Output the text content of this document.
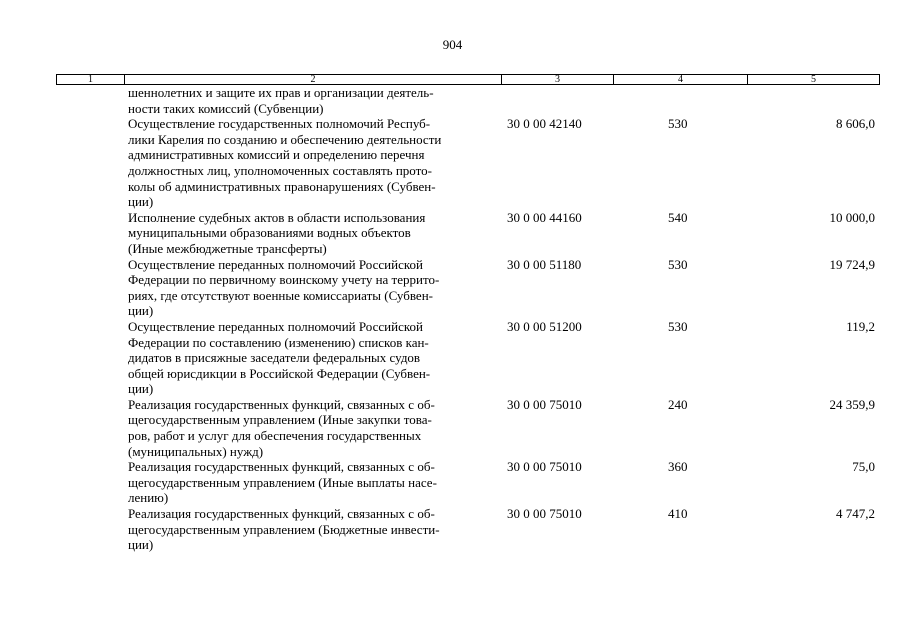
904
1	2	3	4	5
шеннолетних и защите их прав и организации деятель-
ности таких комиссий (Субвенции)
Осуществление государственных полномочий Респуб-
лики Карелия по созданию и обеспечению деятельности
административных комиссий и определению перечня
должностных лиц, уполномоченных составлять прото-
колы об административных правонарушениях (Субвен-
ции)
30 0 00 42140	530	8 606,0
Исполнение судебных актов в области использования
муниципальными образованиями водных объектов
(Иные межбюджетные трансферты)
30 0 00 44160	540	10 000,0
Осуществление переданных полномочий Российской
Федерации по первичному воинскому учету на террито-
риях, где отсутствуют военные комиссариаты (Субвен-
ции)
30 0 00 51180	530	19 724,9
Осуществление переданных полномочий Российской
Федерации по составлению (изменению) списков кан-
дидатов в присяжные заседатели федеральных судов
общей юрисдикции в Российской Федерации (Субвен-
ции)
30 0 00 51200	530	119,2
Реализация государственных функций, связанных с об-
щегосударственным управлением (Иные закупки това-
ров, работ и услуг для обеспечения государственных
(муниципальных) нужд)
30 0 00 75010	240	24 359,9
Реализация государственных функций, связанных с об-
щегосударственным управлением (Иные выплаты насе-
лению)
30 0 00 75010	360	75,0
Реализация государственных функций, связанных с об-
щегосударственным управлением (Бюджетные инвести-
ции)
30 0 00 75010	410	4 747,2
